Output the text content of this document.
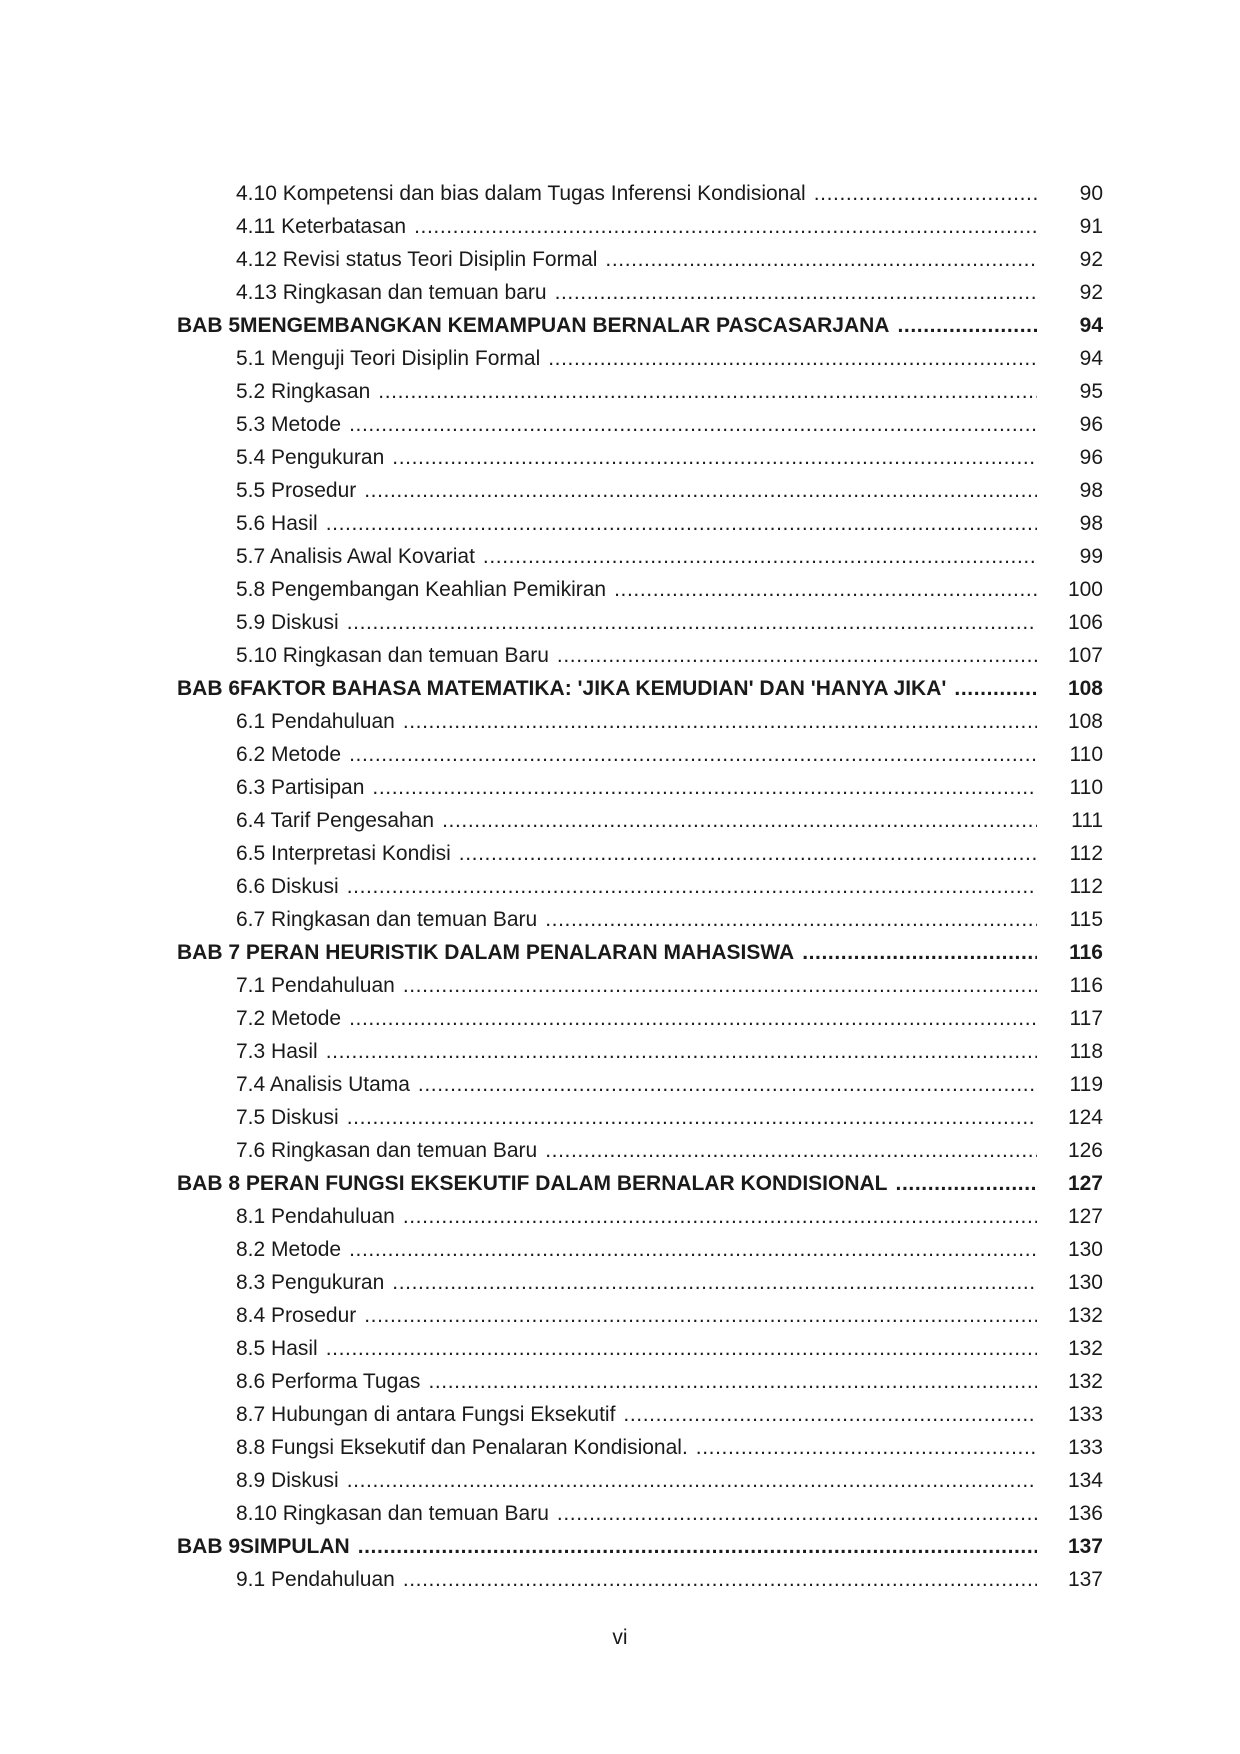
4.10 Kompetensi dan bias dalam Tugas Inferensi Kondisional .....	90
4.11 Keterbatasan .....	91
4.12 Revisi status Teori Disiplin Formal .....	92
4.13 Ringkasan dan temuan baru .....	92
BAB 5MENGEMBANGKAN KEMAMPUAN BERNALAR PASCASARJANA .....	94
5.1 Menguji Teori Disiplin Formal .....	94
5.2 Ringkasan .....	95
5.3 Metode .....	96
5.4 Pengukuran .....	96
5.5 Prosedur .....	98
5.6 Hasil .....	98
5.7 Analisis Awal Kovariat .....	99
5.8 Pengembangan Keahlian Pemikiran .....	100
5.9 Diskusi .....	106
5.10 Ringkasan dan temuan Baru .....	107
BAB 6FAKTOR BAHASA MATEMATIKA: 'JIKA KEMUDIAN' DAN 'HANYA JIKA' .....	108
6.1 Pendahuluan .....	108
6.2 Metode .....	110
6.3 Partisipan .....	110
6.4 Tarif Pengesahan .....	111
6.5 Interpretasi Kondisi .....	112
6.6 Diskusi .....	112
6.7 Ringkasan dan temuan Baru .....	115
BAB 7 PERAN HEURISTIK DALAM PENALARAN MAHASISWA .....	116
7.1 Pendahuluan .....	116
7.2 Metode .....	117
7.3 Hasil .....	118
7.4 Analisis Utama .....	119
7.5 Diskusi .....	124
7.6 Ringkasan dan temuan Baru .....	126
BAB 8 PERAN FUNGSI EKSEKUTIF DALAM BERNALAR KONDISIONAL .....	127
8.1 Pendahuluan .....	127
8.2 Metode .....	130
8.3 Pengukuran .....	130
8.4 Prosedur .....	132
8.5 Hasil .....	132
8.6 Performa Tugas .....	132
8.7 Hubungan di antara Fungsi Eksekutif .....	133
8.8 Fungsi Eksekutif dan Penalaran Kondisional. .....	133
8.9 Diskusi .....	134
8.10 Ringkasan dan temuan Baru .....	136
BAB 9SIMPULAN .....	137
9.1 Pendahuluan .....	137
vi
